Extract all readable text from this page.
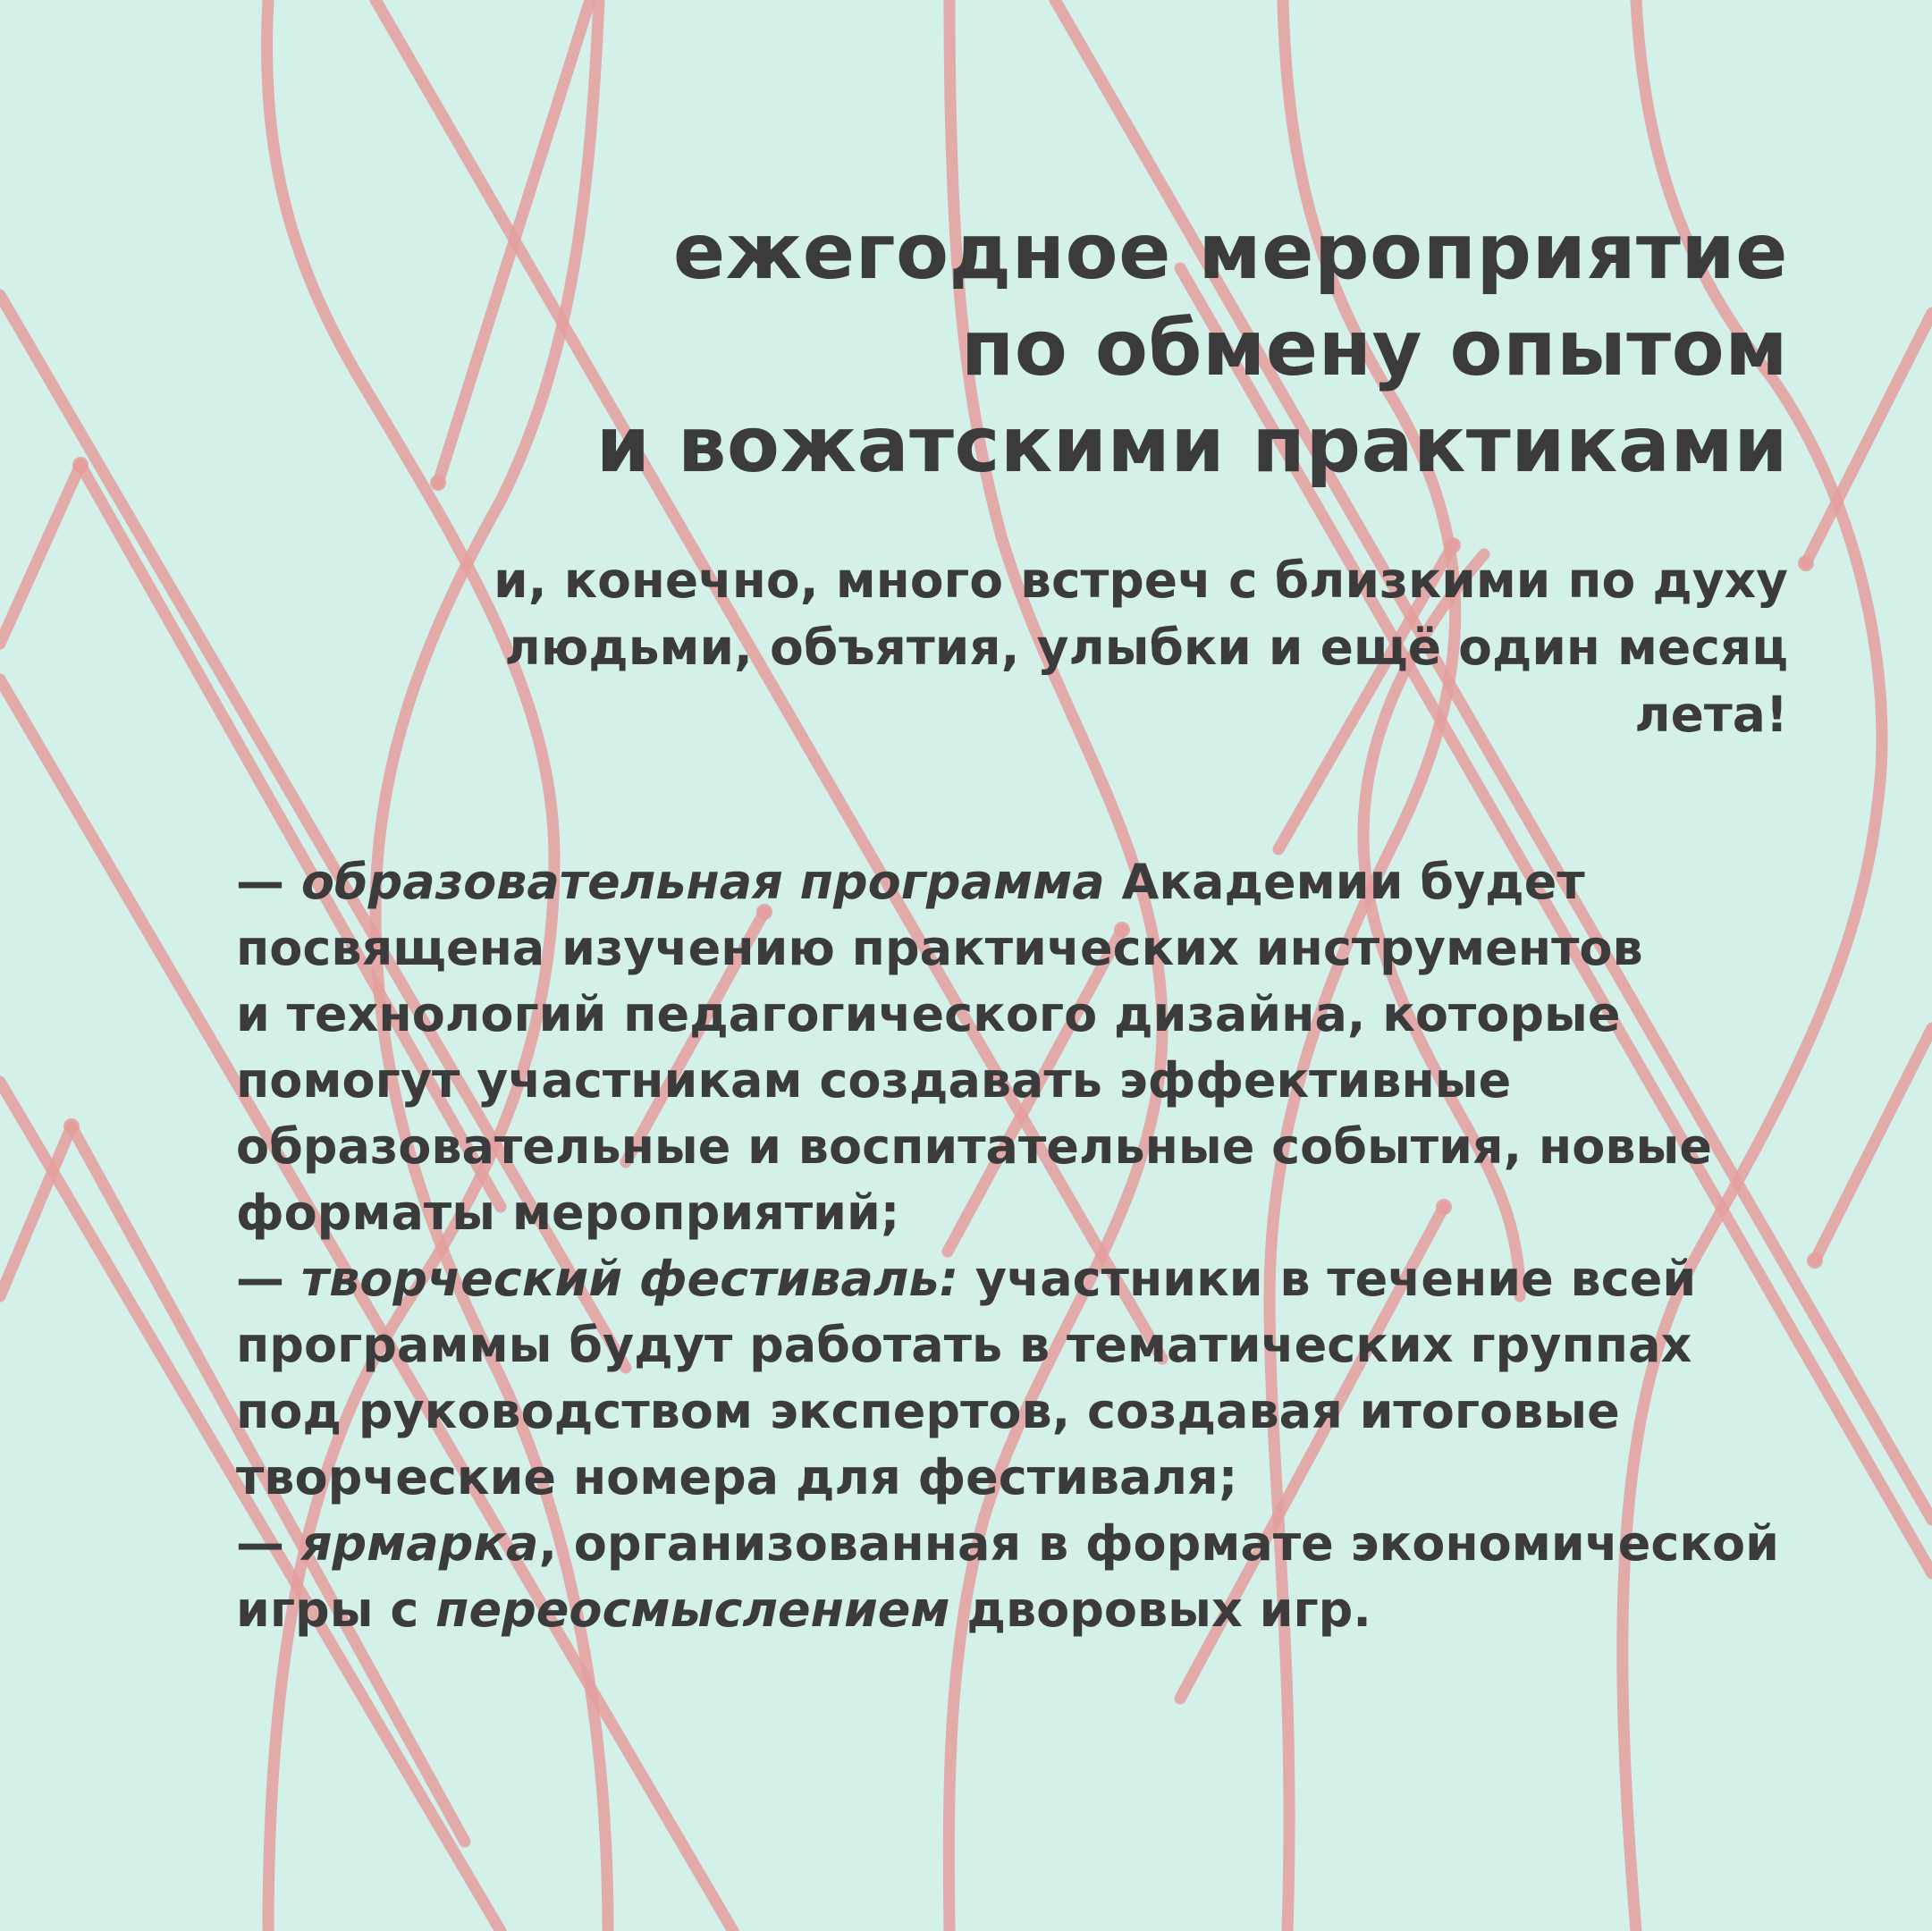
ежегодное мероприятие
по обмену опытом
и вожатскими практиками
и, конечно, много встреч с близкими по духу
людьми, объятия, улыбки и ещё один месяц
лета!
— образовательная программа Академии будет
посвящена изучению практических инструментов
и технологий педагогического дизайна, которые
помогут участникам создавать эффективные
образовательные и воспитательные события, новые
форматы мероприятий;
— творческий фестиваль: участники в течение всей
программы будут работать в тематических группах
под руководством экспертов, создавая итоговые
творческие номера для фестиваля;
— ярмарка, организованная в формате экономической
игры с переосмыслением дворовых игр.
